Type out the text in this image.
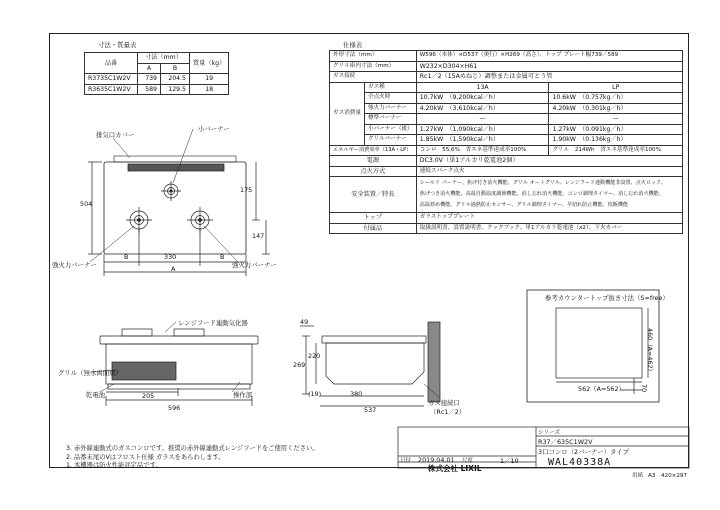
寸法・質量表
品番	寸法（mm）		質量（kg）
	A	B	
R3735C1W2V	739	204.5	19
R3635C1W2V	589	129.5	18
仕様表
外形寸法（mm）		W596（本体）×D537（奥行）×H269（高さ）、トップ プレート幅739／589	
グリル庫内寸法（mm）		W232×D304×H61	
ガス接続		Rc1／2（15Aめねじ）調整または金属可とう管	
ガス消費量	ガス種	13A	LP
	全点火時	10.7kW　（9,200kcal／h）	10.6kW　（0.757kg／h）
	強火力バーナー	4.20kW　（3,610kcal／h）	4.20kW　（0.301kg／h）
	標準バーナー	—	—
	小バーナー（後）	1.27kW　（1,090kcal／h）	1.27kW　（0.091kg／h）
	グリルバーナー	1.85kW　（1,590kcal／h）	1.90kW　（0.136kg／h）
エネルギー消費効率（13A・LP）		コンロ　 55.6%　省エネ基準達成率100%	グリル　 214Wh　省エネ基準達成率100%
電源		DC3.0V（単1アルカリ乾電池2個）	
点火方式		連続スパーク点火	
安全装置／特長		シールド バーナー、焦げ付き消火機能、グリル オートグリル、レンジフード連動機能非設置、点火ロック、
焦げつき消火機能、高温自動温度調節機能、消し忘れ消火機能、コンロ調理タイマー、消し忘れ消火機能、
高温炒め機能、グリル過熱防止センサー、グリル調理タイマー、早切れ防止機能、炊飯機能	

トップ		ガラストッププレート	
付属品		取扱説明書、設置説明書、クックブック、単1アルカリ乾電池（x2）、下火カバー	
排気口カバー
小バーナー
強火力バーナー	強火力バーナー
504
175
147
B	330	B
A
レンジフード連動気化器
グリル（無水両面焼）
乾電池	操作部
205
596
269
220
49
(19)	380
537
ガス接続口
（Rc1／2）
参考カウンタートップ抜き寸法（S=free）
562（A=562）
460（A=462）
70
3. 赤外線連動式のガスコンロです。推奨の赤外線連動式レンジフードをご使用ください。
2. 品番末尾のVはフロスト仕様 ガラスをあらわします。
1. 本機器は防火性能評定品です。
シリーズ
R37／635C1W2V
3口コンロ（2バーナー）タイプ
日付 2019.04.01 尺度	1／10
株式会社 LIXIL
WAL40338A
用紙 A3　420×297
